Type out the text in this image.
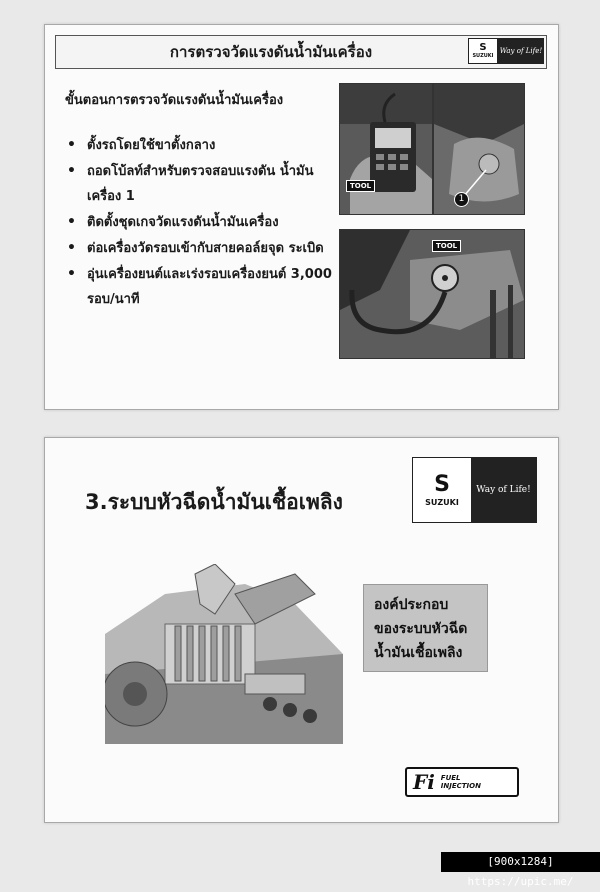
การตรวจวัดแรงดันน้ำมันเครื่อง	S
SUZUKI
Way of Life!
ขั้นตอนการตรวจวัดแรงดันน้ำมันเครื่อง
• ตั้งรถโดยใช้ขาตั้งกลาง
• ถอดโบ้ลท์สำหรับตรวจสอบแรงดัน น้ำมันเครื่อง 1
• ติดตั้งชุดเกจวัดแรงดันน้ำมันเครื่อง
• ต่อเครื่องวัดรอบเข้ากับสายคอล์ยจุด ระเบิด
• อุ่นเครื่องยนต์และเร่งรอบเครื่องยนต์ 3,000 รอบ/นาที
TOOL
1
TOOL
3.ระบบหัวฉีดน้ำมันเชื้อเพลิง
S
SUZUKI
Way of Life!
องค์ประกอบ
ของระบบหัวฉีด
น้ำมันเชื้อเพลิง
Fi FUEL
INJECTION
[900x1284] https://upic.me/
